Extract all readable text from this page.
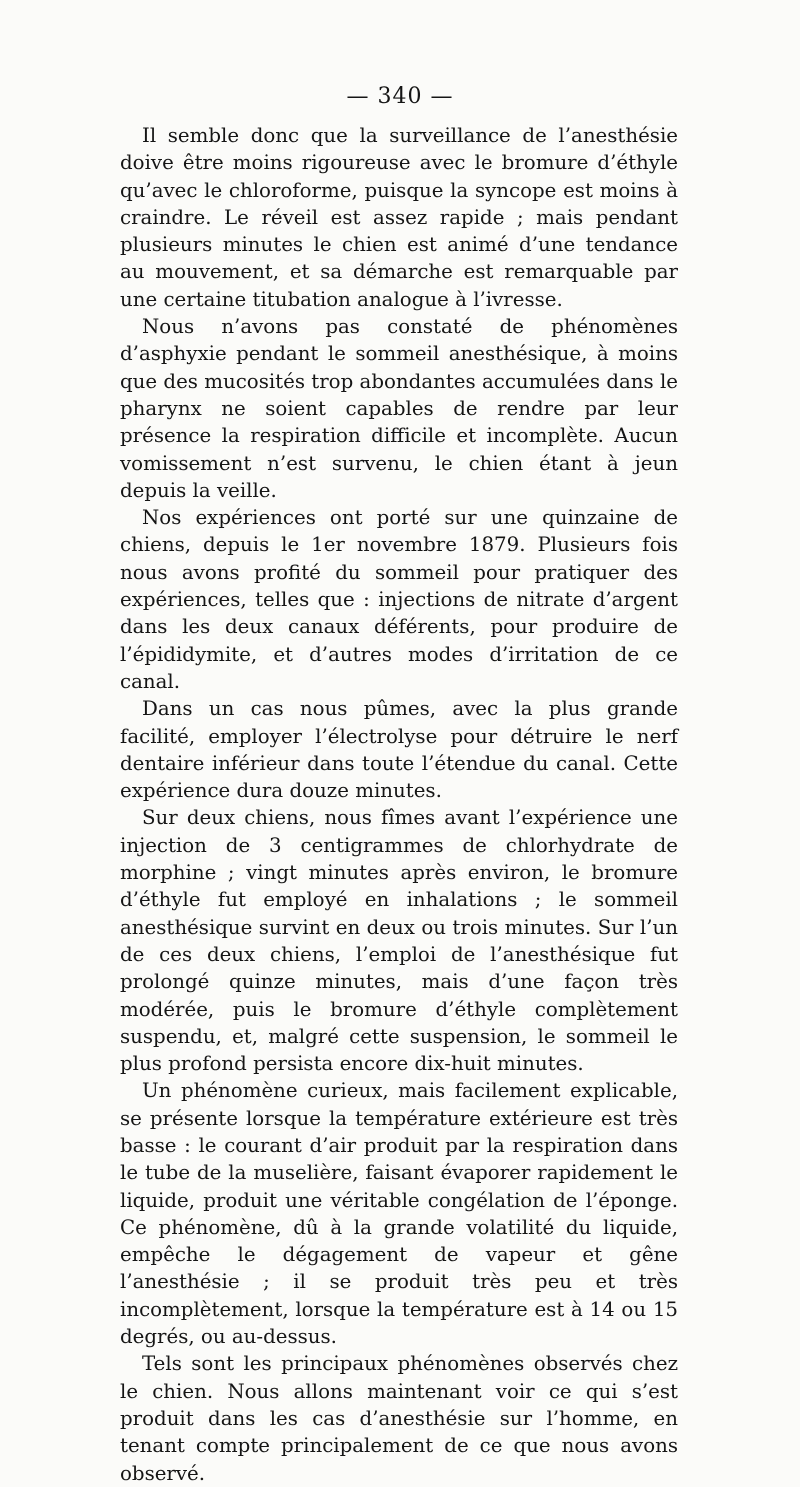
— 340 —

Il semble donc que la surveillance de l’anesthésie doive être moins rigoureuse avec le bromure d’éthyle qu’avec le chloroforme, puisque la syncope est moins à craindre. Le réveil est assez rapide ; mais pendant plusieurs minutes le chien est animé d’une tendance au mouvement, et sa démarche est remarquable par une certaine titubation analogue à l’ivresse.

Nous n’avons pas constaté de phénomènes d’asphyxie pendant le sommeil anesthésique, à moins que des mucosités trop abondantes accumulées dans le pharynx ne soient capables de rendre par leur présence la respiration difficile et incomplète. Aucun vomissement n’est survenu, le chien étant à jeun depuis la veille.

Nos expériences ont porté sur une quinzaine de chiens, depuis le 1er novembre 1879. Plusieurs fois nous avons profité du sommeil pour pratiquer des expériences, telles que : injections de nitrate d’argent dans les deux canaux déférents, pour produire de l’épididymite, et d’autres modes d’irritation de ce canal.

Dans un cas nous pûmes, avec la plus grande facilité, employer l’électrolyse pour détruire le nerf dentaire inférieur dans toute l’étendue du canal. Cette expérience dura douze minutes.

Sur deux chiens, nous fîmes avant l’expérience une injection de 3 centigrammes de chlorhydrate de morphine ; vingt minutes après environ, le bromure d’éthyle fut employé en inhalations ; le sommeil anesthésique survint en deux ou trois minutes. Sur l’un de ces deux chiens, l’emploi de l’anesthésique fut prolongé quinze minutes, mais d’une façon très modérée, puis le bromure d’éthyle complètement suspendu, et, malgré cette suspension, le sommeil le plus profond persista encore dix-huit minutes.

Un phénomène curieux, mais facilement explicable, se présente lorsque la température extérieure est très basse : le courant d’air produit par la respiration dans le tube de la muselière, faisant évaporer rapidement le liquide, produit une véritable congélation de l’éponge. Ce phénomène, dû à la grande volatilité du liquide, empêche le dégagement de vapeur et gêne l’anesthésie ; il se produit très peu et très incomplètement, lorsque la température est à 14 ou 15 degrés, ou au-dessus.

Tels sont les principaux phénomènes observés chez le chien. Nous allons maintenant voir ce qui s’est produit dans les cas d’anesthésie sur l’homme, en tenant compte principalement de ce que nous avons observé.
